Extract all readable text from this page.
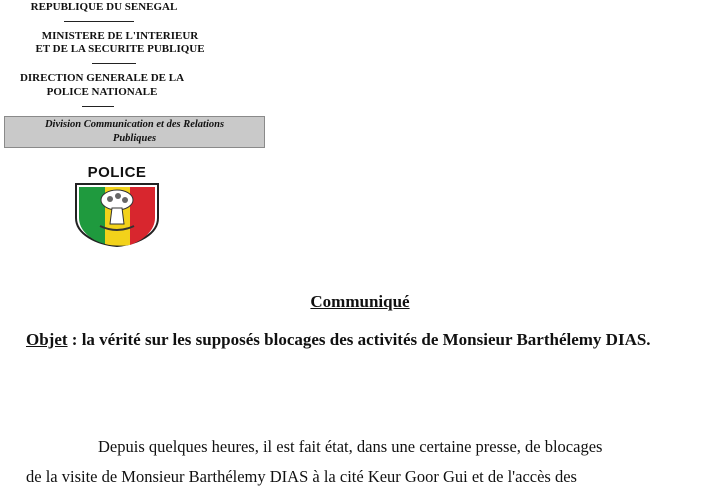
REPUBLIQUE DU SENEGAL
MINISTERE DE L'INTERIEUR
ET DE LA SECURITE PUBLIQUE
DIRECTION GENERALE DE LA
POLICE NATIONALE
Division Communication et des Relations
Publiques
POLICE
Communiqué
Objet : la vérité sur les supposés blocages des activités de Monsieur Barthélemy DIAS.
Depuis quelques heures, il est fait état, dans une certaine presse, de blocages
de la visite de Monsieur Barthélemy DIAS à la cité Keur Goor Gui et de l'accès des
